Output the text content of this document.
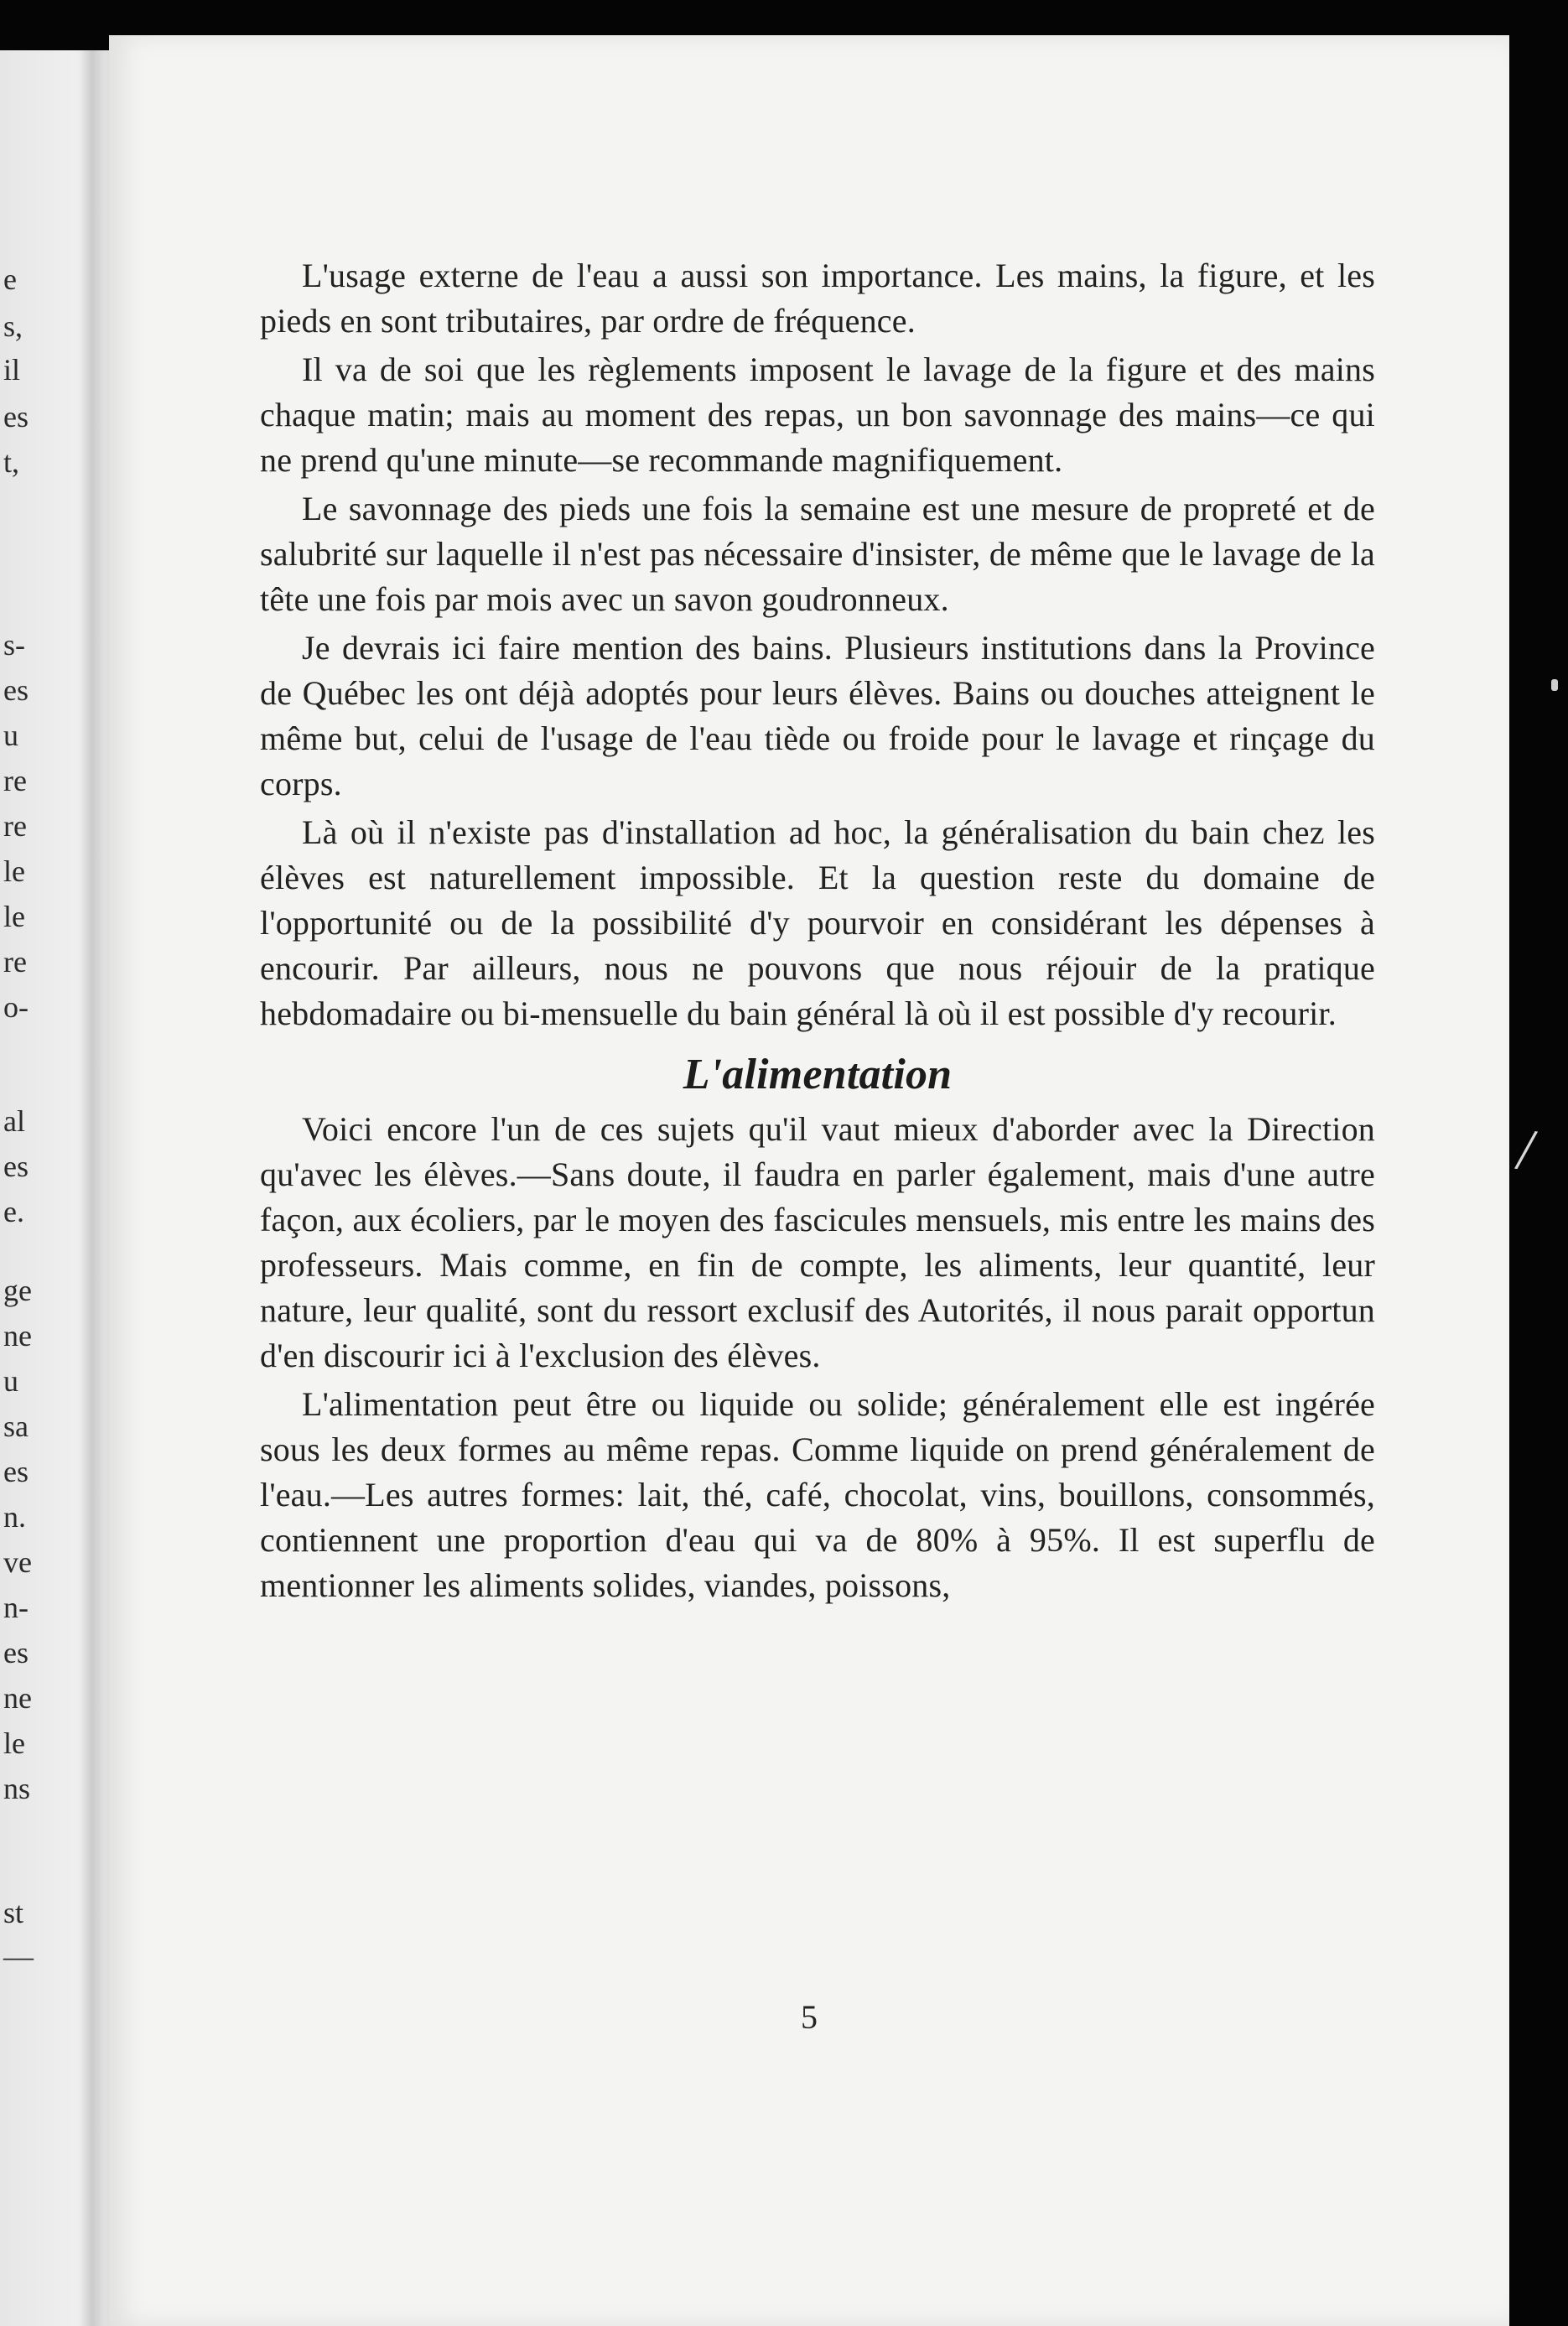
e
s,
il
es
t,
s-
es
u
re
re
le
le
re
o-
al
es
e.
ge
ne
u
sa
es
n.
ve
n-
es
ne
le
ns
st
—

L'usage externe de l'eau a aussi son importance. Les mains, la figure, et les pieds en sont tributaires, par ordre de fréquence.

Il va de soi que les règlements imposent le lavage de la figure et des mains chaque matin; mais au moment des repas, un bon savonnage des mains—ce qui ne prend qu'une minute—se recommande magnifiquement.

Le savonnage des pieds une fois la semaine est une mesure de propreté et de salubrité sur laquelle il n'est pas nécessaire d'insister, de même que le lavage de la tête une fois par mois avec un savon goudronneux.

Je devrais ici faire mention des bains. Plusieurs institutions dans la Province de Québec les ont déjà adoptés pour leurs élèves. Bains ou douches atteignent le même but, celui de l'usage de l'eau tiède ou froide pour le lavage et rinçage du corps.

Là où il n'existe pas d'installation ad hoc, la généralisation du bain chez les élèves est naturellement impossible. Et la question reste du domaine de l'opportunité ou de la possibilité d'y pourvoir en considérant les dépenses à encourir. Par ailleurs, nous ne pouvons que nous réjouir de la pratique hebdomadaire ou bi-mensuelle du bain général là où il est possible d'y recourir.

L'alimentation

Voici encore l'un de ces sujets qu'il vaut mieux d'aborder avec la Direction qu'avec les élèves.—Sans doute, il faudra en parler également, mais d'une autre façon, aux écoliers, par le moyen des fascicules mensuels, mis entre les mains des professeurs. Mais comme, en fin de compte, les aliments, leur quantité, leur nature, leur qualité, sont du ressort exclusif des Autorités, il nous parait opportun d'en discourir ici à l'exclusion des élèves.

L'alimentation peut être ou liquide ou solide; généralement elle est ingérée sous les deux formes au même repas. Comme liquide on prend généralement de l'eau.—Les autres formes: lait, thé, café, chocolat, vins, bouillons, consommés, contiennent une proportion d'eau qui va de 80% à 95%. Il est superflu de mentionner les aliments solides, viandes, poissons,

5
/
